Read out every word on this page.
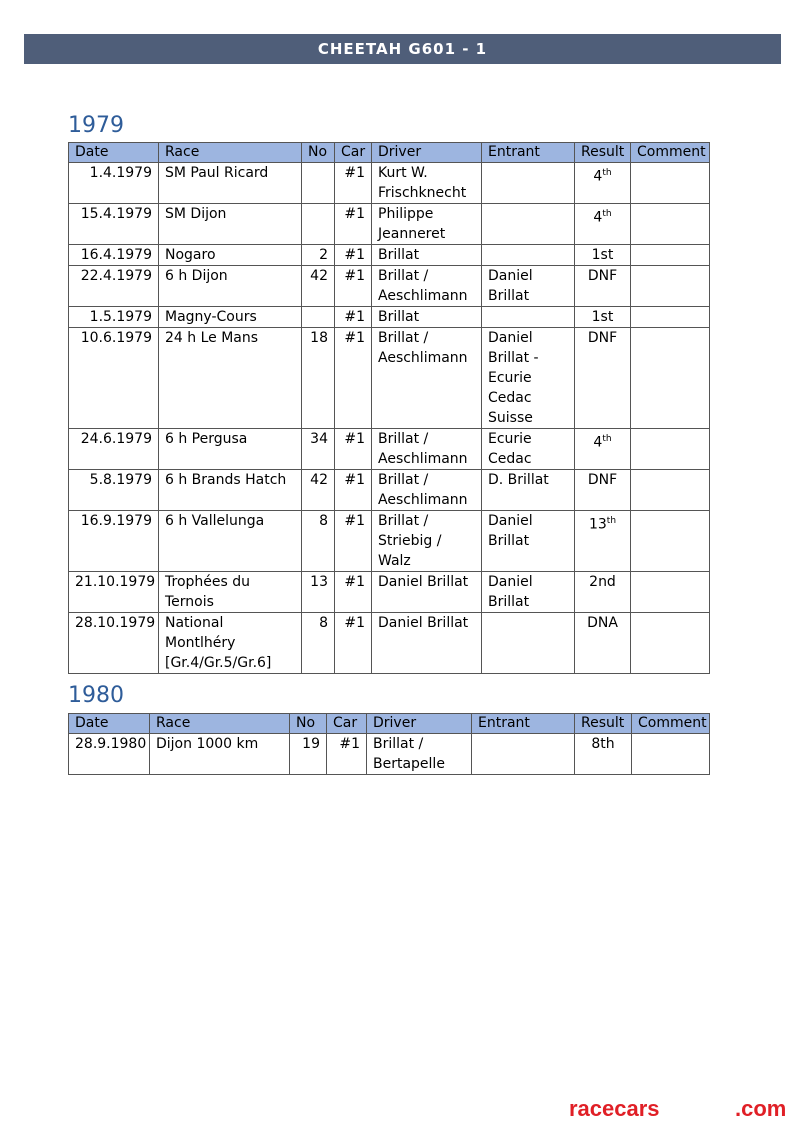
CHEETAH G601 - 1
1979
Date	Race	No	Car	Driver	Entrant	Result	Comment

1.4.1979	SM Paul Ricard		#1	Kurt W. Frischknecht		4th

15.4.1979	SM Dijon		#1	Philippe Jeanneret		4th

16.4.1979	Nogaro	2	#1	Brillat		1st	

22.4.1979	6 h Dijon	42	#1	Brillat / Aeschlimann	Daniel Brillat	DNF	

1.5.1979	Magny-Cours		#1	Brillat		1st	

10.6.1979	24 h Le Mans	18	#1	Brillat / Aeschlimann	Daniel Brillat - Ecurie Cedac Suisse	DNF	

24.6.1979	6 h Pergusa	34	#1	Brillat / Aeschlimann	Ecurie Cedac	4th

5.8.1979	6 h Brands Hatch	42	#1	Brillat / Aeschlimann	D. Brillat	DNF	

16.9.1979	6 h Vallelunga	8	#1	Brillat / Striebig / Walz	Daniel Brillat	13th

21.10.1979	Trophées du Ternois	13	#1	Daniel Brillat	Daniel Brillat	2nd	

28.10.1979	National Montlhéry [Gr.4/Gr.5/Gr.6]	8	#1	Daniel Brillat		DNA	

1980
Date	Race	No	Car	Driver	Entrant	Result	Comment

28.9.1980	Dijon 1000 km	19	#1	Brillat / Bertapelle		8th	

racecars	.com
